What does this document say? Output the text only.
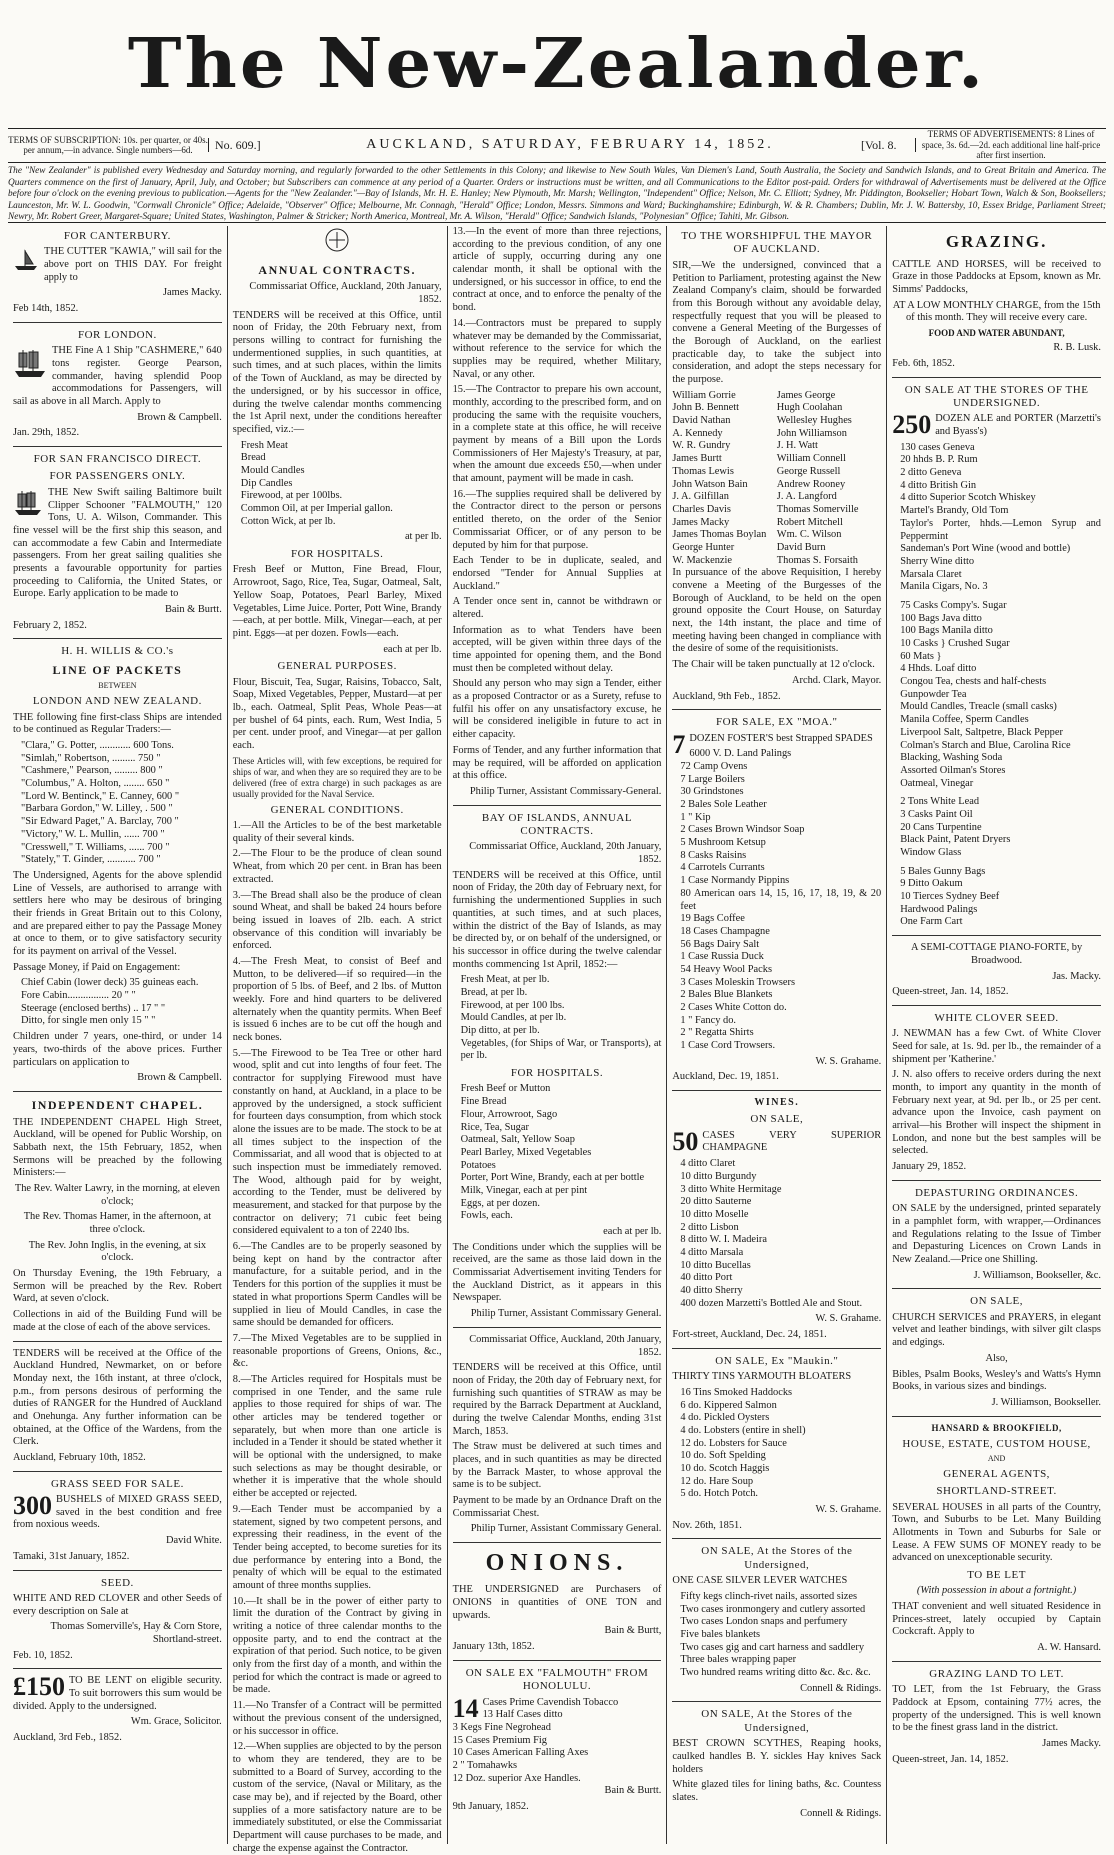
The New-Zealander.
TERMS OF SUBSCRIPTION: 10s. per quarter, or 40s. per annum,—in advance. Single numbers—6d.	No. 609.]	AUCKLAND, SATURDAY, FEBRUARY 14, 1852.	[Vol. 8.
TERMS OF ADVERTISEMENTS: 8 Lines of space, 3s. 6d.—2d. each additional line half-price after first insertion.
The "New Zealander" is published every Wednesday and Saturday morning, and regularly forwarded to the other Settlements in this Colony; and likewise to New South Wales, Van Diemen's Land, South Australia, the Society and Sandwich Islands, and to Great Britain and America. The Quarters commence on the first of January, April, July, and October; but Subscribers can commence at any period of a Quarter. Orders or instructions must be written, and all Communications to the Editor post-paid. Orders for withdrawal of Advertisements must be delivered at the Office before four o'clock on the evening previous to publication.—Agents for the "New Zealander."—Bay of Islands, Mr. H. E. Hanley; New Plymouth, Mr. Marsh; Wellington, "Independent" Office; Nelson, Mr. C. Elliott; Sydney, Mr. Piddington, Bookseller; Hobart Town, Walch & Son, Booksellers; Launceston, Mr. W. L. Goodwin, "Cornwall Chronicle" Office; Adelaide, "Observer" Office; Melbourne, Mr. Connagh, "Herald" Office; London, Messrs. Simmons and Ward; Buckinghamshire; Edinburgh, W. & R. Chambers; Dublin, Mr. J. W. Battersby, 10, Essex Bridge, Parliament Street; Newry, Mr. Robert Greer, Margaret-Square; United States, Washington, Palmer & Stricker; North America, Montreal, Mr. A. Wilson, "Herald" Office; Sandwich Islands, "Polynesian" Office; Tahiti, Mr. Gibson.
FOR CANTERBURY.

THE CUTTER "KAWIA," will sail for the above port on THIS DAY. For freight apply to

James Macky.

Feb 14th, 1852.

FOR LONDON.

THE Fine A 1 Ship "CASHMERE," 640 tons register. George Pearson, commander, having splendid Poop accommodations for Passengers, will sail as above in all March. Apply to

Brown & Campbell.

Jan. 29th, 1852.

FOR SAN FRANCISCO DIRECT.
FOR PASSENGERS ONLY.

THE New Swift sailing Baltimore built Clipper Schooner "FALMOUTH," 120 Tons, U. A. Wilson, Commander. This fine vessel will be the first ship this season, and can accommodate a few Cabin and Intermediate passengers. From her great sailing qualities she presents a favourable opportunity for parties proceeding to California, the United States, or Europe. Early application to be made to

Bain & Burtt.

February 2, 1852.

H. H. WILLIS & CO.'s
LINE OF PACKETS
BETWEEN
LONDON AND NEW ZEALAND.

THE following fine first-class Ships are intended to be continued as Regular Traders:—

"Clara," G. Potter, ............ 600 Tons.
"Simlah," Robertson, ......... 750 "
"Cashmere," Pearson, ......... 800 "
"Columbus," A. Holton, ........ 650 "
"Lord W. Bentinck," E. Canney, 600 "
"Barbara Gordon," W. Lilley, . 500 "
"Sir Edward Paget," A. Barclay, 700 "
"Victory," W. L. Mullin, ...... 700 "
"Cresswell," T. Williams, ...... 700 "
"Stately," T. Ginder, ........... 700 "

The Undersigned, Agents for the above splendid Line of Vessels, are authorised to arrange with settlers here who may be desirous of bringing their friends in Great Britain out to this Colony, and are prepared either to pay the Passage Money at once to them, or to give satisfactory security for its payment on arrival of the Vessel.

Passage Money, if Paid on Engagement:

Chief Cabin (lower deck) 35 guineas each.
Fore Cabin................ 20 " "
Steerage (enclosed berths) .. 17 " "
Ditto, for single men only 15 " "

Children under 7 years, one-third, or under 14 years, two-thirds of the above prices. Further particulars on application to

Brown & Campbell.

INDEPENDENT CHAPEL.

THE INDEPENDENT CHAPEL High Street, Auckland, will be opened for Public Worship, on Sabbath next, the 15th February, 1852, when Sermons will be preached by the following Ministers:—

The Rev. Walter Lawry, in the morning, at eleven o'clock;

The Rev. Thomas Hamer, in the afternoon, at three o'clock.

The Rev. John Inglis, in the evening, at six o'clock.

On Thursday Evening, the 19th February, a Sermon will be preached by the Rev. Robert Ward, at seven o'clock.

Collections in aid of the Building Fund will be made at the close of each of the above services.

TENDERS will be received at the Office of the Auckland Hundred, Newmarket, on or before Monday next, the 16th instant, at three o'clock, p.m., from persons desirous of performing the duties of RANGER for the Hundred of Auckland and Onehunga. Any further information can be obtained, at the Office of the Wardens, from the Clerk.

Auckland, February 10th, 1852.

GRASS SEED FOR SALE.

300 BUSHELS of MIXED GRASS SEED, saved in the best condition and free from noxious weeds.

David White.

Tamaki, 31st January, 1852.

SEED.

WHITE AND RED CLOVER and other Seeds of every description on Sale at

Thomas Somerville's, Hay & Corn Store, Shortland-street.

Feb. 10, 1852.

£150 TO BE LENT on eligible security. To suit borrowers this sum would be divided. Apply to the undersigned.

Wm. Grace, Solicitor.

Auckland, 3rd Feb., 1852.

ANNUAL CONTRACTS.

Commissariat Office, Auckland, 20th January, 1852.

TENDERS will be received at this Office, until noon of Friday, the 20th February next, from persons willing to contract for furnishing the undermentioned supplies, in such quantities, at such times, and at such places, within the limits of the Town of Auckland, as may be directed by the undersigned, or by his successor in office, during the twelve calendar months commencing the 1st April next, under the conditions hereafter specified, viz.:—

Fresh Meat
Bread
Mould Candles
Dip Candles
Firewood, at per 100lbs.
Common Oil, at per Imperial gallon.
Cotton Wick, at per lb.

at per lb.

FOR HOSPITALS.

Fresh Beef or Mutton, Fine Bread, Flour, Arrowroot, Sago, Rice, Tea, Sugar, Oatmeal, Salt, Yellow Soap, Potatoes, Pearl Barley, Mixed Vegetables, Lime Juice. Porter, Pott Wine, Brandy—each, at per bottle. Milk, Vinegar—each, at per pint. Eggs—at per dozen. Fowls—each.

each at per lb.

GENERAL PURPOSES.

Flour, Biscuit, Tea, Sugar, Raisins, Tobacco, Salt, Soap, Mixed Vegetables, Pepper, Mustard—at per lb., each. Oatmeal, Split Peas, Whole Peas—at per bushel of 64 pints, each. Rum, West India, 5 per cent. under proof, and Vinegar—at per gallon each.

These Articles will, with few exceptions, be required for ships of war, and when they are so required they are to be delivered (free of extra charge) in such packages as are usually provided for the Naval Service.

GENERAL CONDITIONS.

1.—All the Articles to be of the best marketable quality of their several kinds.

2.—The Flour to be the produce of clean sound Wheat, from which 20 per cent. in Bran has been extracted.

3.—The Bread shall also be the produce of clean sound Wheat, and shall be baked 24 hours before being issued in loaves of 2lb. each. A strict observance of this condition will invariably be enforced.

4.—The Fresh Meat, to consist of Beef and Mutton, to be delivered—if so required—in the proportion of 5 lbs. of Beef, and 2 lbs. of Mutton weekly. Fore and hind quarters to be delivered alternately when the quantity permits. When Beef is issued 6 inches are to be cut off the hough and neck bones.

5.—The Firewood to be Tea Tree or other hard wood, split and cut into lengths of four feet. The contractor for supplying Firewood must have constantly on hand, at Auckland, in a place to be approved by the undersigned, a stock sufficient for fourteen days consumption, from which stock alone the issues are to be made. The stock to be at all times subject to the inspection of the Commissariat, and all wood that is objected to at such inspection must be immediately removed. The Wood, although paid for by weight, according to the Tender, must be delivered by measurement, and stacked for that purpose by the contractor on delivery; 71 cubic feet being considered equivalent to a ton of 2240 lbs.

6.—The Candles are to be properly seasoned by being kept on hand by the contractor after manufacture, for a suitable period, and in the Tenders for this portion of the supplies it must be stated in what proportions Sperm Candles will be supplied in lieu of Mould Candles, in case the same should be demanded for officers.

7.—The Mixed Vegetables are to be supplied in reasonable proportions of Greens, Onions, &c., &c.

8.—The Articles required for Hospitals must be comprised in one Tender, and the same rule applies to those required for ships of war. The other articles may be tendered together or separately, but when more than one article is included in a Tender it should be stated whether it will be optional with the undersigned, to make such selections as may be thought desirable, or whether it is imperative that the whole should either be accepted or rejected.

9.—Each Tender must be accompanied by a statement, signed by two competent persons, and expressing their readiness, in the event of the Tender being accepted, to become sureties for its due performance by entering into a Bond, the penalty of which will be equal to the estimated amount of three months supplies.

10.—It shall be in the power of either party to limit the duration of the Contract by giving in writing a notice of three calendar months to the opposite party, and to end the contract at the expiration of that period. Such notice, to be given only from the first day of a month, and within the period for which the contract is made or agreed to be made.

11.—No Transfer of a Contract will be permitted without the previous consent of the undersigned, or his successor in office.

12.—When supplies are objected to by the person to whom they are tendered, they are to be submitted to a Board of Survey, according to the custom of the service, (Naval or Military, as the case may be), and if rejected by the Board, other supplies of a more satisfactory nature are to be immediately substituted, or else the Commissariat Department will cause purchases to be made, and charge the expense against the Contractor.

13.—In the event of more than three rejections, according to the previous condition, of any one article of supply, occurring during any one calendar month, it shall be optional with the undersigned, or his successor in office, to end the contract at once, and to enforce the penalty of the bond.

14.—Contractors must be prepared to supply whatever may be demanded by the Commissariat, without reference to the service for which the supplies may be required, whether Military, Naval, or any other.

15.—The Contractor to prepare his own account, monthly, according to the prescribed form, and on producing the same with the requisite vouchers, in a complete state at this office, he will receive payment by means of a Bill upon the Lords Commissioners of Her Majesty's Treasury, at par, when the amount due exceeds £50,—when under that amount, payment will be made in cash.

16.—The supplies required shall be delivered by the Contractor direct to the person or persons entitled thereto, on the order of the Senior Commissariat Officer, or of any person to be deputed by him for that purpose.

Each Tender to be in duplicate, sealed, and endorsed "Tender for Annual Supplies at Auckland."

A Tender once sent in, cannot be withdrawn or altered.

Information as to what Tenders have been accepted, will be given within three days of the time appointed for opening them, and the Bond must then be completed without delay.

Should any person who may sign a Tender, either as a proposed Contractor or as a Surety, refuse to fulfil his offer on any unsatisfactory excuse, he will be considered ineligible in future to act in either capacity.

Forms of Tender, and any further information that may be required, will be afforded on application at this office.

Philip Turner, Assistant Commissary-General.

BAY OF ISLANDS, ANNUAL CONTRACTS.

Commissariat Office, Auckland, 20th January, 1852.

TENDERS will be received at this Office, until noon of Friday, the 20th day of February next, for furnishing the undermentioned Supplies in such quantities, at such times, and at such places, within the district of the Bay of Islands, as may be directed by, or on behalf of the undersigned, or his successor in office during the twelve calendar months commencing 1st April, 1852:—

Fresh Meat, at per lb.
Bread, at per lb.
Firewood, at per 100 lbs.
Mould Candles, at per lb.
Dip ditto, at per lb.
Vegetables, (for Ships of War, or Transports), at per lb.
FOR HOSPITALS.
Fresh Beef or Mutton
Fine Bread
Flour, Arrowroot, Sago
Rice, Tea, Sugar
Oatmeal, Salt, Yellow Soap
Pearl Barley, Mixed Vegetables
Potatoes
Porter, Port Wine, Brandy, each at per bottle
Milk, Vinegar, each at per pint
Eggs, at per dozen.
Fowls, each.

each at per lb.

The Conditions under which the supplies will be received, are the same as those laid down in the Commissariat Advertisement inviting Tenders for the Auckland District, as it appears in this Newspaper.

Philip Turner, Assistant Commissary General.

Commissariat Office, Auckland, 20th January, 1852.

TENDERS will be received at this Office, until noon of Friday, the 20th day of February next, for furnishing such quantities of STRAW as may be required by the Barrack Department at Auckland, during the twelve Calendar Months, ending 31st March, 1853.

The Straw must be delivered at such times and places, and in such quantities as may be directed by the Barrack Master, to whose approval the same is to be subject.

Payment to be made by an Ordnance Draft on the Commissariat Chest.

Philip Turner, Assistant Commissary General.

ONIONS.

THE UNDERSIGNED are Purchasers of ONIONS in quantities of ONE TON and upwards.

Bain & Burtt,

January 13th, 1852.

ON SALE EX "FALMOUTH" FROM HONOLULU.
14 Cases Prime Cavendish Tobacco
13 Half Cases ditto
3 Kegs Fine Negrohead
15 Cases Premium Fig
10 Cases American Falling Axes
2 " Tomahawks
12 Doz. superior Axe Handles.

Bain & Burtt.

9th January, 1852.

TO THE WORSHIPFUL THE MAYOR OF AUCKLAND.

SIR,—We the undersigned, convinced that a Petition to Parliament, protesting against the New Zealand Company's claim, should be forwarded from this Borough without any avoidable delay, respectfully request that you will be pleased to convene a General Meeting of the Burgesses of the Borough of Auckland, on the earliest practicable day, to take the subject into consideration, and adopt the steps necessary for the purpose.

William Gorrie
John B. Bennett
David Nathan
A. Kennedy
W. R. Gundry
James Burtt
Thomas Lewis
John Watson Bain
J. A. Gilfillan
Charles Davis
James Macky
James Thomas Boylan
George Hunter
W. Mackenzie
James George
Hugh Coolahan
Wellesley Hughes
John Williamson
J. H. Watt
William Connell
George Russell
Andrew Rooney
J. A. Langford
Thomas Somerville
Robert Mitchell
Wm. C. Wilson
David Burn
Thomas S. Forsaith

In pursuance of the above Requisition, I hereby convene a Meeting of the Burgesses of the Borough of Auckland, to be held on the open ground opposite the Court House, on Saturday next, the 14th instant, the place and time of meeting having been changed in compliance with the desire of some of the requisitionists.

The Chair will be taken punctually at 12 o'clock.

Archd. Clark, Mayor.

Auckland, 9th Feb., 1852.

FOR SALE, EX "MOA."

7 DOZEN FOSTER'S best Strapped SPADES

6000 V. D. Land Palings
72 Camp Ovens
7 Large Boilers
30 Grindstones
2 Bales Sole Leather
1 " Kip
2 Cases Brown Windsor Soap
5 Mushroom Ketsup
8 Casks Raisins
4 Carrotels Currants
1 Case Normandy Pippins
80 American oars 14, 15, 16, 17, 18, 19, & 20 feet
19 Bags Coffee
18 Cases Champagne
56 Bags Dairy Salt
1 Case Russia Duck
54 Heavy Wool Packs
3 Cases Moleskin Trowsers
2 Bales Blue Blankets
2 Cases White Cotton do.
1 " Fancy do.
2 " Regatta Shirts
1 Case Cord Trowsers.

W. S. Grahame.

Auckland, Dec. 19, 1851.

WINES.
ON SALE,

50 CASES VERY SUPERIOR CHAMPAGNE

4 ditto Claret
10 ditto Burgundy
3 ditto White Hermitage
20 ditto Sauterne
10 ditto Moselle
2 ditto Lisbon
8 ditto W. I. Madeira
4 ditto Marsala
10 ditto Bucellas
40 ditto Port
40 ditto Sherry
400 dozen Marzetti's Bottled Ale and Stout.

W. S. Grahame.

Fort-street, Auckland, Dec. 24, 1851.

ON SALE, Ex "Maukin."

THIRTY TINS YARMOUTH BLOATERS

16 Tins Smoked Haddocks
6 do. Kippered Salmon
4 do. Pickled Oysters
4 do. Lobsters (entire in shell)
12 do. Lobsters for Sauce
10 do. Soft Spelding
10 do. Scotch Haggis
12 do. Hare Soup
5 do. Hotch Potch.

W. S. Grahame.

Nov. 26th, 1851.

ON SALE, At the Stores of the Undersigned,

ONE CASE SILVER LEVER WATCHES

Fifty kegs clinch-rivet nails, assorted sizes
Two cases ironmongery and cutlery assorted
Two cases London snaps and perfumery
Five bales blankets
Two cases gig and cart harness and saddlery
Three bales wrapping paper
Two hundred reams writing ditto &c. &c. &c.

Connell & Ridings.

ON SALE, At the Stores of the Undersigned,

BEST CROWN SCYTHES, Reaping hooks, caulked handles B. Y. sickles Hay knives Sack holders

White glazed tiles for lining baths, &c. Countess slates.

Connell & Ridings.

GRAZING.

CATTLE AND HORSES, will be received to Graze in those Paddocks at Epsom, known as Mr. Simms' Paddocks,

AT A LOW MONTHLY CHARGE, from the 15th of this month. They will receive every care.

FOOD AND WATER ABUNDANT,

R. B. Lusk.

Feb. 6th, 1852.

ON SALE AT THE STORES OF THE UNDERSIGNED.

250 DOZEN ALE and PORTER (Marzetti's and Byass's)

130 cases Geneva
20 hhds B. P. Rum
2 ditto Geneva
4 ditto British Gin
4 ditto Superior Scotch Whiskey
Martel's Brandy, Old Tom
Taylor's Porter, hhds.—Lemon Syrup and Peppermint
Sandeman's Port Wine (wood and bottle)
Sherry Wine ditto
Marsala Claret
Manila Cigars, No. 3
75 Casks Compy's. Sugar
100 Bags Java ditto
100 Bags Manila ditto
10 Casks } Crushed Sugar
60 Mats }
4 Hhds. Loaf ditto
Congou Tea, chests and half-chests
Gunpowder Tea
Mould Candles, Treacle (small casks)
Manila Coffee, Sperm Candles
Liverpool Salt, Saltpetre, Black Pepper
Colman's Starch and Blue, Carolina Rice
Blacking, Washing Soda
Assorted Oilman's Stores
Oatmeal, Vinegar
2 Tons White Lead
3 Casks Paint Oil
20 Cans Turpentine
Black Paint, Patent Dryers
Window Glass
5 Bales Gunny Bags
9 Ditto Oakum
10 Tierces Sydney Beef
Hardwood Palings
One Farm Cart

A SEMI-COTTAGE PIANO-FORTE, by Broadwood.

Jas. Macky.

Queen-street, Jan. 14, 1852.

WHITE CLOVER SEED.

J. NEWMAN has a few Cwt. of White Clover Seed for sale, at 1s. 9d. per lb., the remainder of a shipment per 'Katherine.'

J. N. also offers to receive orders during the next month, to import any quantity in the month of February next year, at 9d. per lb., or 25 per cent. advance upon the Invoice, cash payment on arrival—his Brother will inspect the shipment in London, and none but the best samples will be selected.

January 29, 1852.

DEPASTURING ORDINANCES.

ON SALE by the undersigned, printed separately in a pamphlet form, with wrapper,—Ordinances and Regulations relating to the Issue of Timber and Depasturing Licences on Crown Lands in New Zealand.—Price one Shilling.

J. Williamson, Bookseller, &c.

ON SALE,

CHURCH SERVICES and PRAYERS, in elegant velvet and leather bindings, with silver gilt clasps and edgings.

Also,

Bibles, Psalm Books, Wesley's and Watts's Hymn Books, in various sizes and bindings.

J. Williamson, Bookseller.

HANSARD & BROOKFIELD,
HOUSE, ESTATE, CUSTOM HOUSE,
AND
GENERAL AGENTS,
SHORTLAND-STREET.

SEVERAL HOUSES in all parts of the Country, Town, and Suburbs to be Let. Many Building Allotments in Town and Suburbs for Sale or Lease. A FEW SUMS OF MONEY ready to be advanced on unexceptionable security.

TO BE LET

(With possession in about a fortnight.)

THAT convenient and well situated Residence in Princes-street, lately occupied by Captain Cockcraft. Apply to

A. W. Hansard.

GRAZING LAND TO LET.

TO LET, from the 1st February, the Grass Paddock at Epsom, containing 77½ acres, the property of the undersigned. This is well known to be the finest grass land in the district.

James Macky.

Queen-street, Jan. 14, 1852.
